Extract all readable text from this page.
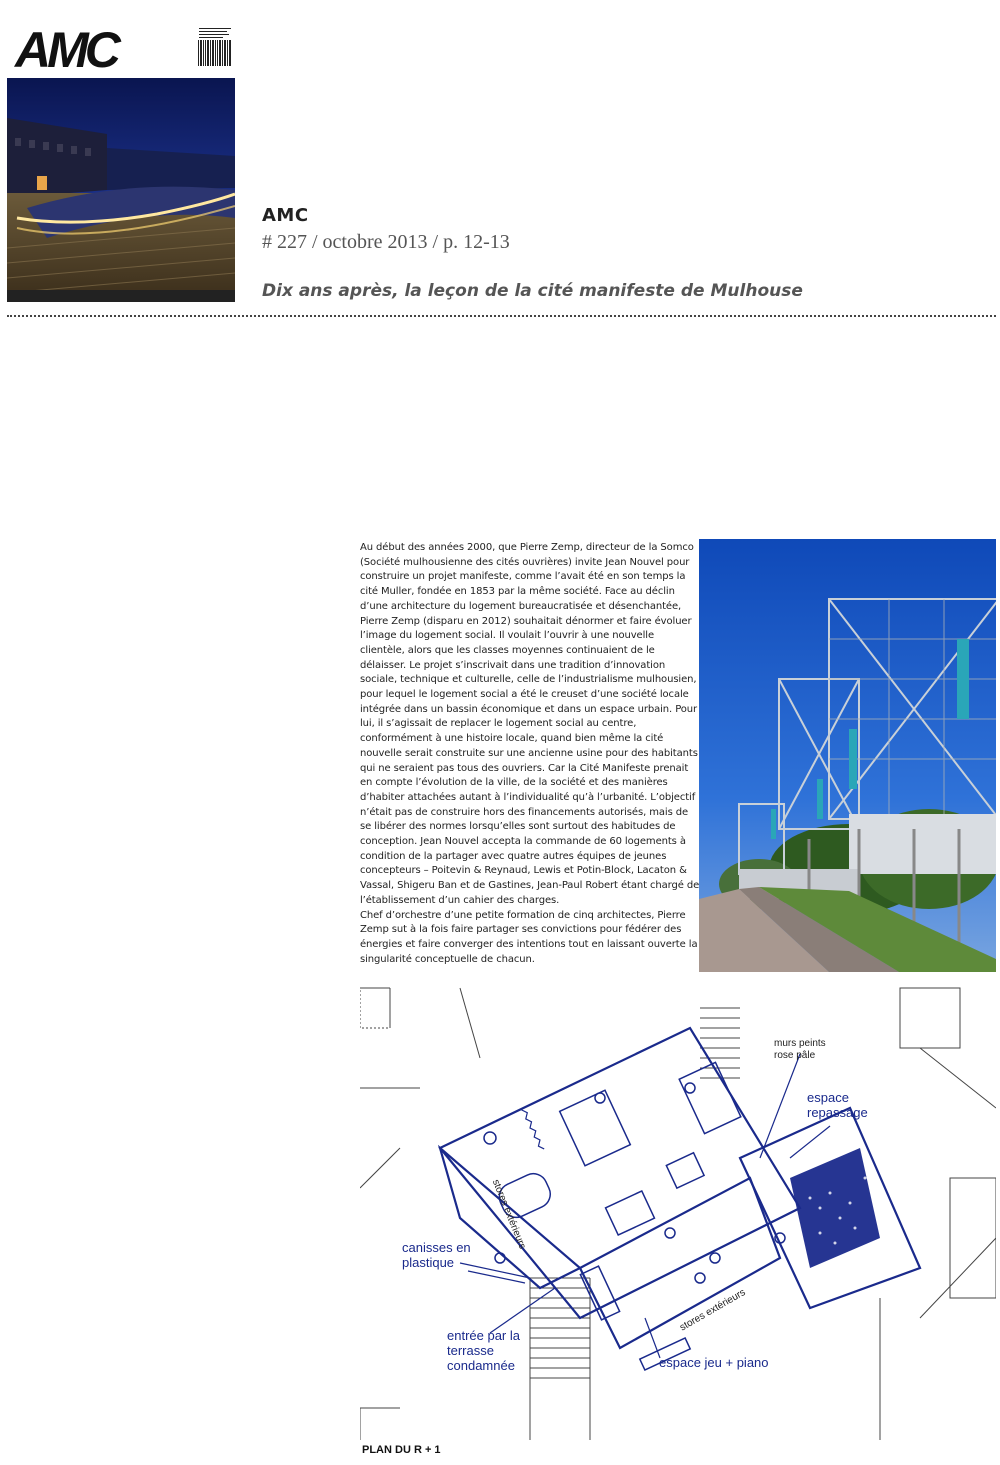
AMC
AMC
# 227 / octobre 2013 / p. 12-13
Dix ans après, la leçon de la cité manifeste de Mulhouse

Au début des années 2000, que Pierre Zemp, directeur de la Somco (Société mulhousienne des cités ouvrières) invite Jean Nouvel pour construire un projet manifeste, comme l’avait été en son temps la cité Muller, fondée en 1853 par la même société. Face au déclin d’une architecture du logement bureaucratisée et désenchantée, Pierre Zemp (disparu en 2012) souhaitait dénormer et faire évoluer l’image du logement social. Il voulait l’ouvrir à une nouvelle clientèle, alors que les classes moyennes continuaient de le délaisser. Le projet s’inscrivait dans une tradition d’innovation sociale, technique et culturelle, celle de l’industrialisme mulhousien, pour lequel le logement social a été le creuset d’une société locale intégrée dans un bassin économique et dans un espace urbain. Pour lui, il s’agissait de replacer le logement social au centre, conformément à une histoire locale, quand bien même la cité nouvelle serait construite sur une ancienne usine pour des habitants qui ne seraient pas tous des ouvriers. Car la Cité Manifeste prenait en compte l’évolution de la ville, de la société et des manières d’habiter attachées autant à l’individualité qu’à l’urbanité. L’objectif n’était pas de construire hors des financements autorisés, mais de se libérer des normes lorsqu’elles sont surtout des habitudes de conception. Jean Nouvel accepta la commande de 60 logements à condition de la partager avec quatre autres équipes de jeunes concepteurs – Poitevin & Reynaud, Lewis et Potin-Block, Lacaton & Vassal, Shigeru Ban et de Gastines, Jean-Paul Robert étant chargé de l’établissement d’un cahier des charges.

Chef d’orchestre d’une petite formation de cinq architectes, Pierre Zemp sut à la fois faire partager ses convictions pour fédérer des énergies et faire converger des intentions tout en laissant ouverte la singularité conceptuelle de chacun.

murs peints
rose pâle
espace
repassage
stores extérieurs
stores extérieurs
canisses en
plastique
entrée par la
terrasse
condamnée	espace jeu + piano
PLAN DU R + 1
